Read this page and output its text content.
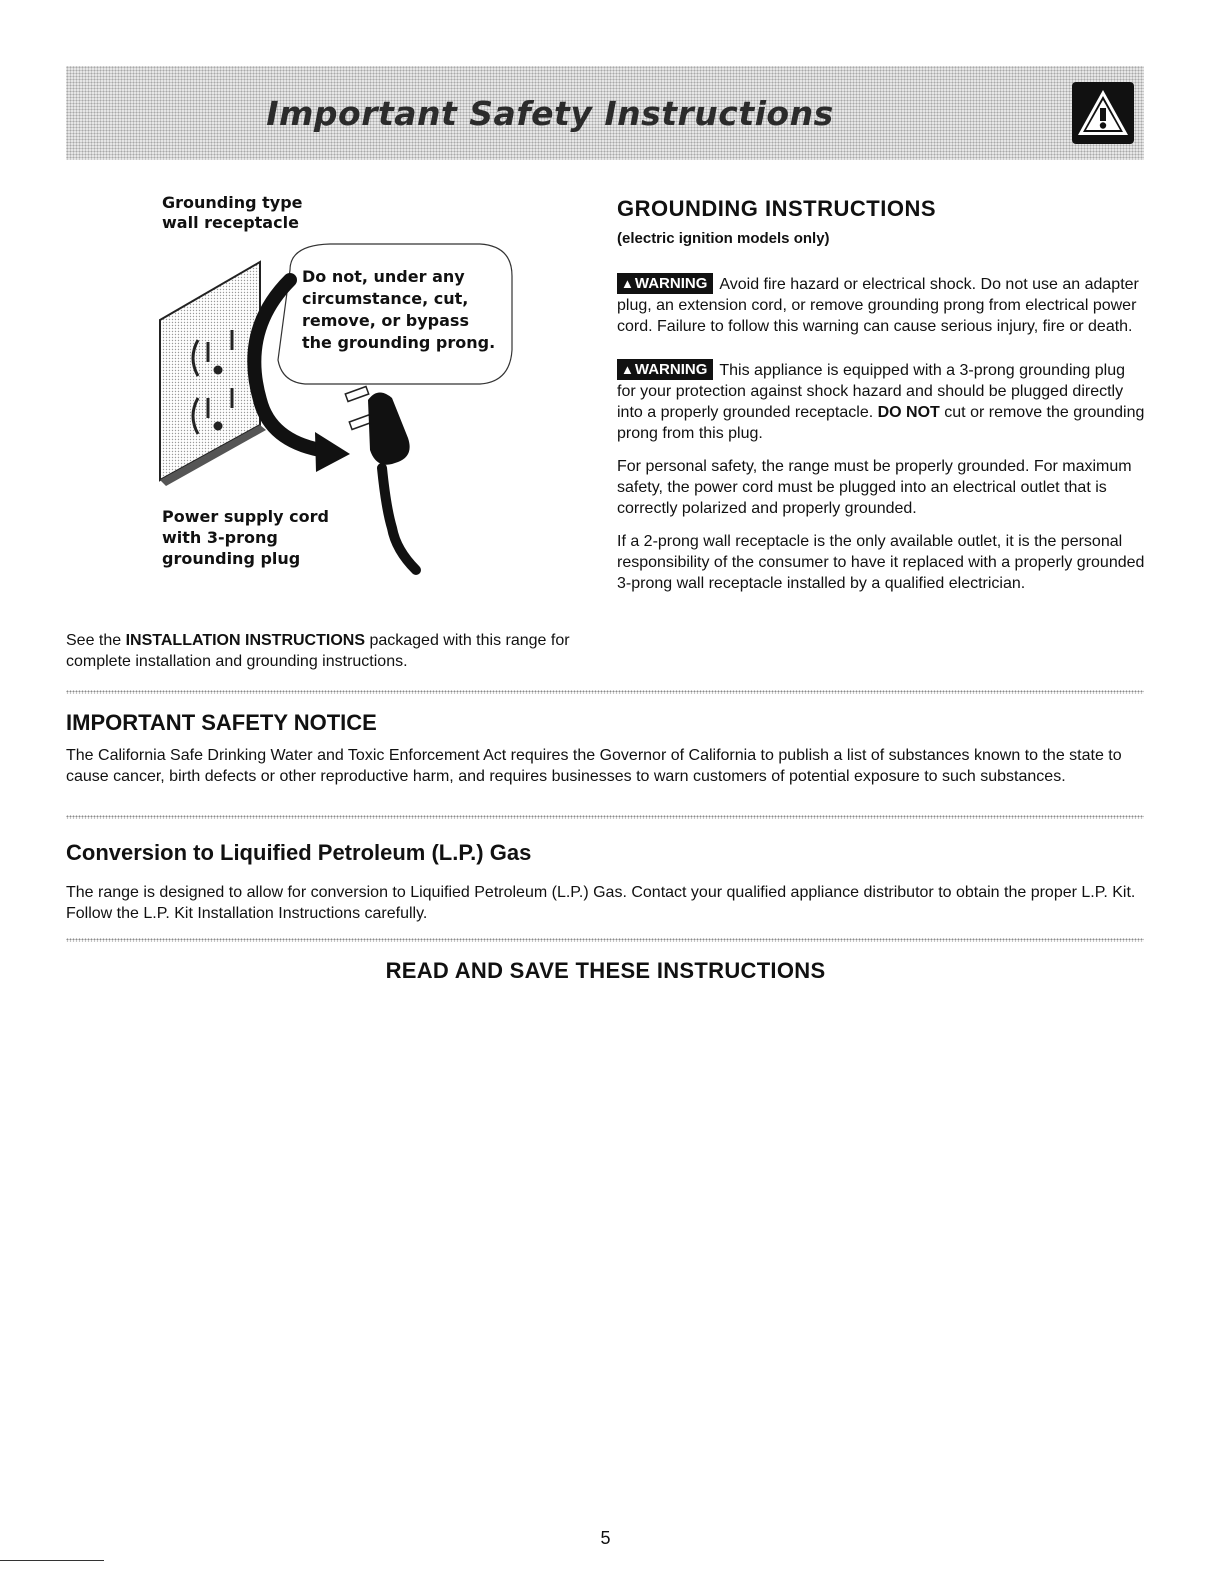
Important Safety Instructions
Grounding type
wall receptacle
Do not, under any
circumstance, cut,
remove, or bypass
the grounding prong.
Power supply cord
with 3-prong
grounding plug
See the INSTALLATION INSTRUCTIONS packaged with this range for complete installation and grounding instructions.
GROUNDING INSTRUCTIONS
(electric ignition models only)
▲WARNING Avoid fire hazard or electrical shock. Do not use an adapter plug, an extension cord, or remove grounding prong from electrical power cord. Failure to follow this warning can cause serious injury, fire or death.
▲WARNING This appliance is equipped with a 3-prong grounding plug for your protection against shock hazard and should be plugged directly into a properly grounded receptacle. DO NOT cut or remove the grounding prong from this plug.
For personal safety, the range must be properly grounded. For maximum safety, the power cord must be plugged into an electrical outlet that is correctly polarized and properly grounded.
If a 2-prong wall receptacle is the only available outlet, it is the personal responsibility of the consumer to have it replaced with a properly grounded 3-prong wall receptacle installed by a qualified electrician.
IMPORTANT SAFETY NOTICE
The California Safe Drinking Water and Toxic Enforcement Act requires the Governor of California to publish a list of substances known to the state to cause cancer, birth defects or other reproductive harm, and requires businesses to warn customers of potential exposure to such substances.
Conversion to Liquified Petroleum (L.P.) Gas
The range is designed to allow for conversion to Liquified Petroleum (L.P.) Gas. Contact your qualified appliance distributor to obtain the proper L.P. Kit. Follow the L.P. Kit Installation Instructions carefully.
READ AND SAVE THESE INSTRUCTIONS
5
